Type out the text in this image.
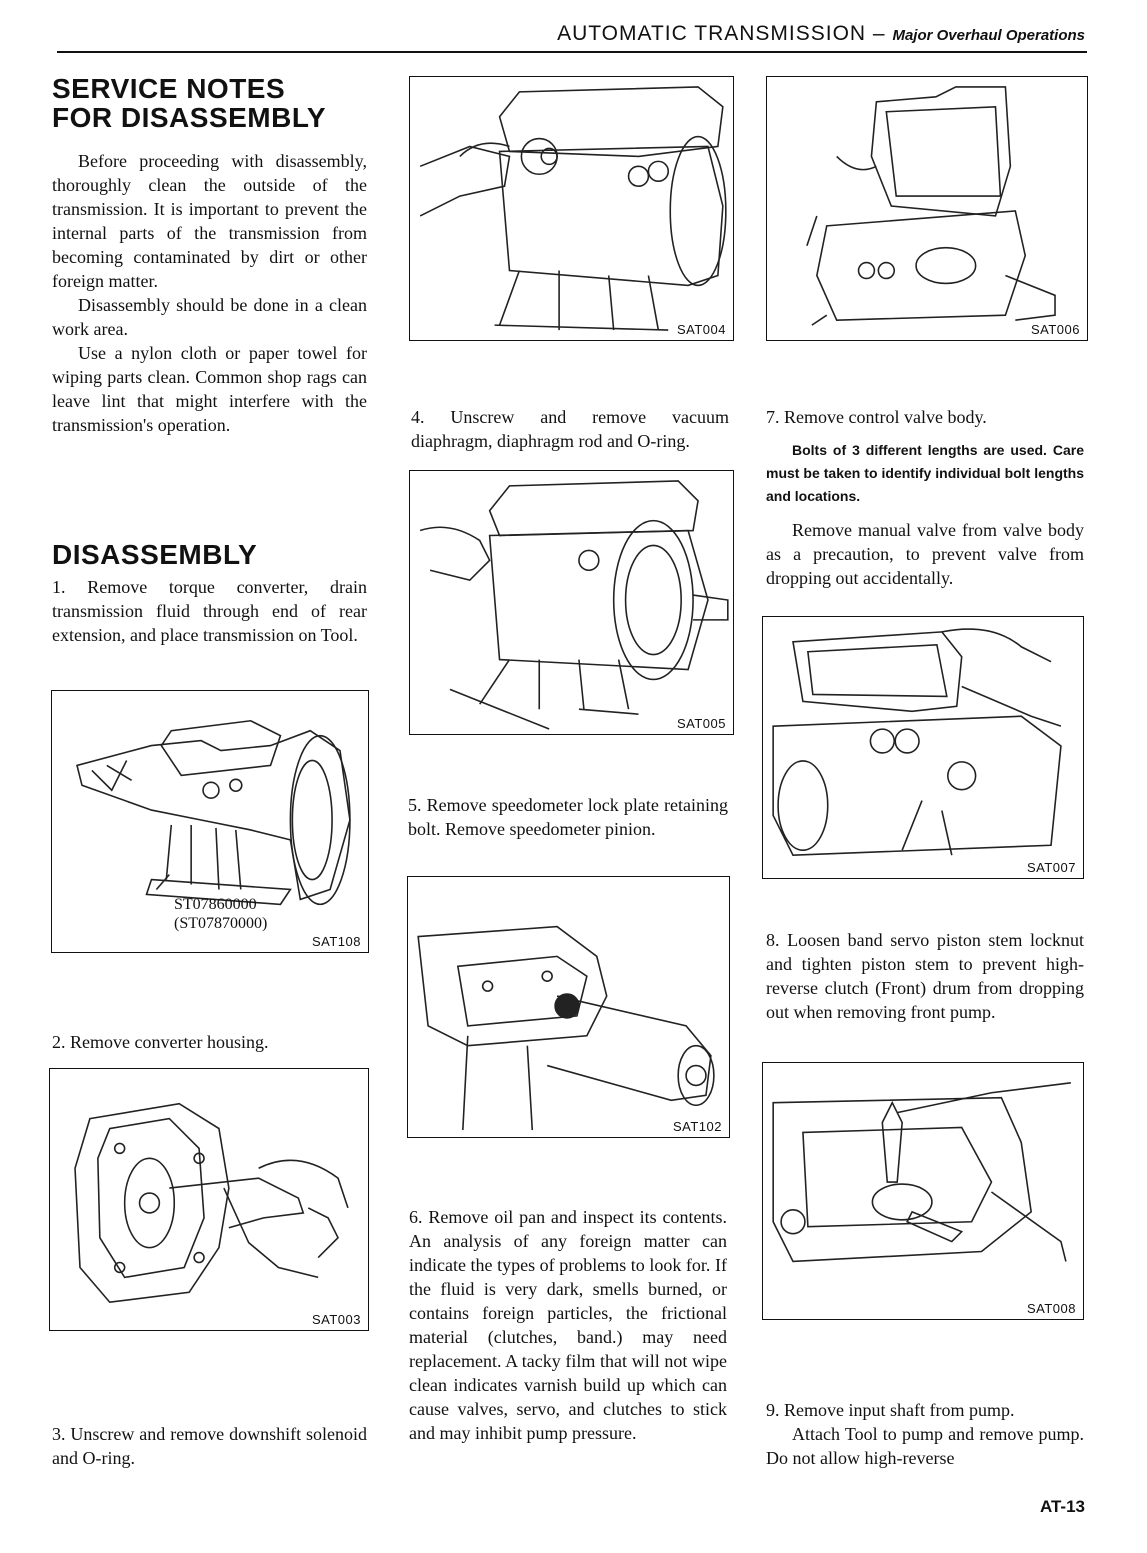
AUTOMATIC TRANSMISSION – Major Overhaul Operations
SERVICE NOTES
FOR DISASSEMBLY

Before proceeding with disassembly, thoroughly clean the outside of the transmission. It is important to prevent the internal parts of the transmission from becoming contaminated by dirt or other foreign matter.

Disassembly should be done in a clean work area.

Use a nylon cloth or paper towel for wiping parts clean. Common shop rags can leave lint that might interfere with the transmission's operation.

DISASSEMBLY

1. Remove torque converter, drain transmission fluid through end of rear extension, and place transmission on Tool.

ST07860000
(ST07870000)
SAT108

2. Remove converter housing.

SAT003

3. Unscrew and remove downshift solenoid and O-ring.

SAT004

4. Unscrew and remove vacuum diaphragm, diaphragm rod and O-ring.

SAT005

5. Remove speedometer lock plate retaining bolt. Remove speedometer pinion.

SAT102

6. Remove oil pan and inspect its contents. An analysis of any foreign matter can indicate the types of problems to look for. If the fluid is very dark, smells burned, or contains foreign particles, the frictional material (clutches, band.) may need replacement. A tacky film that will not wipe clean indicates varnish build up which can cause valves, servo, and clutches to stick and may inhibit pump pressure.

SAT006

7. Remove control valve body.

Bolts of 3 different lengths are used. Care must be taken to identify individual bolt lengths and locations.

Remove manual valve from valve body as a precaution, to prevent valve from dropping out accidentally.

SAT007

8. Loosen band servo piston stem locknut and tighten piston stem to prevent high-reverse clutch (Front) drum from dropping out when removing front pump.

SAT008

9. Remove input shaft from pump.

Attach Tool to pump and remove pump. Do not allow high-reverse

AT-13
